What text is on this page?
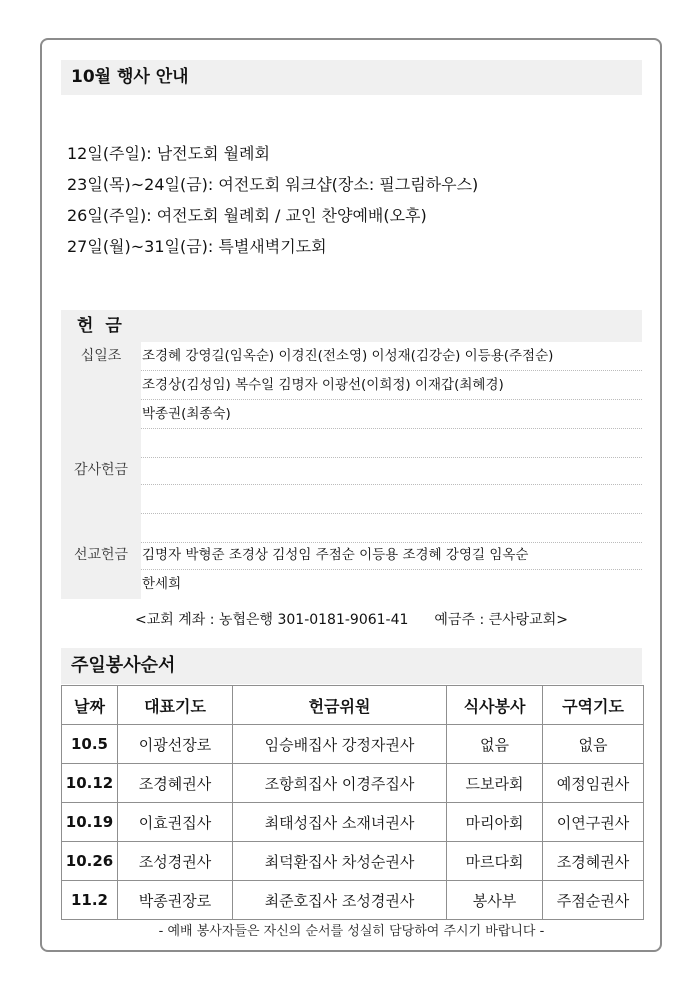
10월 행사 안내
12일(주일): 남전도회 월례회
23일(목)~24일(금): 여전도회 워크샵(장소: 필그림하우스)
26일(주일): 여전도회 월례회 / 교인 찬양예배(오후)
27일(월)~31일(금): 특별새벽기도회
헌 금
십일조	조경혜 강영길(임옥순) 이경진(전소영) 이성재(김강순) 이등용(주점순)
조경상(김성임) 복수일 김명자 이광선(이희정) 이재갑(최혜경)
박종권(최종숙)
감사헌금
선교헌금	김명자 박형준 조경상 김성임 주점순 이등용 조경혜 강영길 임옥순
한세희
<교회 계좌 : 농협은행 301-0181-9061-41 예금주 : 큰사랑교회>
주일봉사순서
날짜	대표기도	헌금위원	식사봉사	구역기도
10.5	이광선장로	임승배집사 강정자권사	없음	없음
10.12	조경혜권사	조항희집사 이경주집사	드보라회	예정임권사
10.19	이효권집사	최태성집사 소재녀권사	마리아회	이연구권사
10.26	조성경권사	최덕환집사 차성순권사	마르다회	조경혜권사
11.2	박종권장로	최준호집사 조성경권사	봉사부	주점순권사
- 예배 봉사자들은 자신의 순서를 성실히 담당하여 주시기 바랍니다 -
